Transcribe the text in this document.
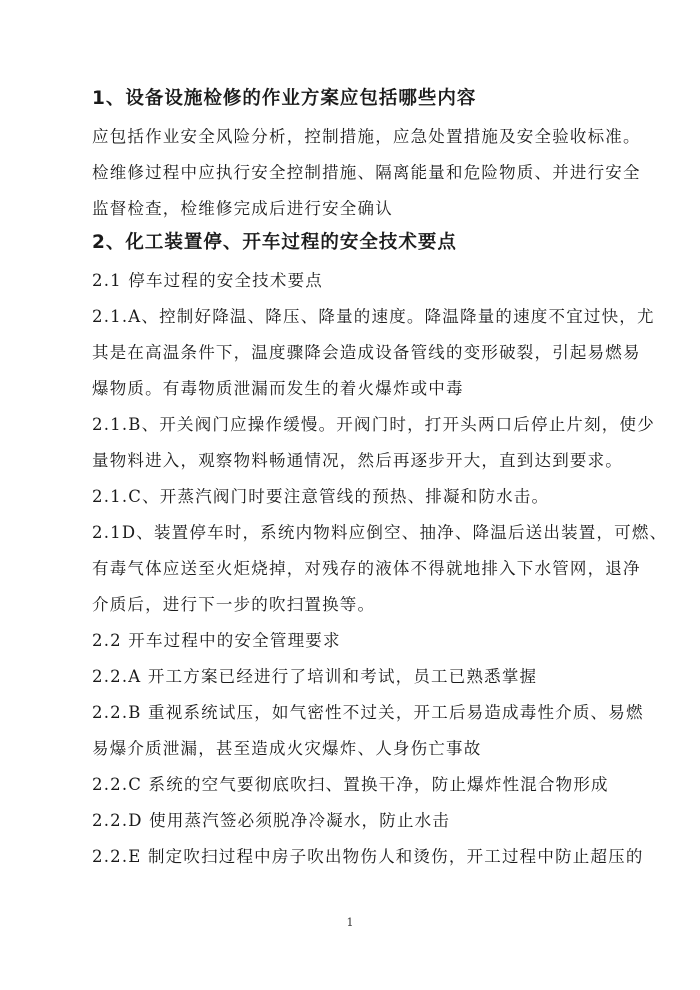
1、设备设施检修的作业方案应包括哪些内容
应包括作业安全风险分析，控制措施，应急处置措施及安全验收标准。
检维修过程中应执行安全控制措施、隔离能量和危险物质、并进行安全
监督检查，检维修完成后进行安全确认
2、化工装置停、开车过程的安全技术要点
2.1 停车过程的安全技术要点
2.1.A、控制好降温、降压、降量的速度。降温降量的速度不宜过快，尤
其是在高温条件下，温度骤降会造成设备管线的变形破裂，引起易燃易
爆物质。有毒物质泄漏而发生的着火爆炸或中毒
2.1.B、开关阀门应操作缓慢。开阀门时，打开头两口后停止片刻，使少
量物料进入，观察物料畅通情况，然后再逐步开大，直到达到要求。
2.1.C、开蒸汽阀门时要注意管线的预热、排凝和防水击。
2.1D、装置停车时，系统内物料应倒空、抽净、降温后送出装置，可燃、
有毒气体应送至火炬烧掉，对残存的液体不得就地排入下水管网，退净
介质后，进行下一步的吹扫置换等。
2.2 开车过程中的安全管理要求
2.2.A 开工方案已经进行了培训和考试，员工已熟悉掌握
2.2.B 重视系统试压，如气密性不过关，开工后易造成毒性介质、易燃
易爆介质泄漏，甚至造成火灾爆炸、人身伤亡事故
2.2.C 系统的空气要彻底吹扫、置换干净，防止爆炸性混合物形成
2.2.D 使用蒸汽签必须脱净冷凝水，防止水击
2.2.E 制定吹扫过程中房子吹出物伤人和烫伤，开工过程中防止超压的
1
